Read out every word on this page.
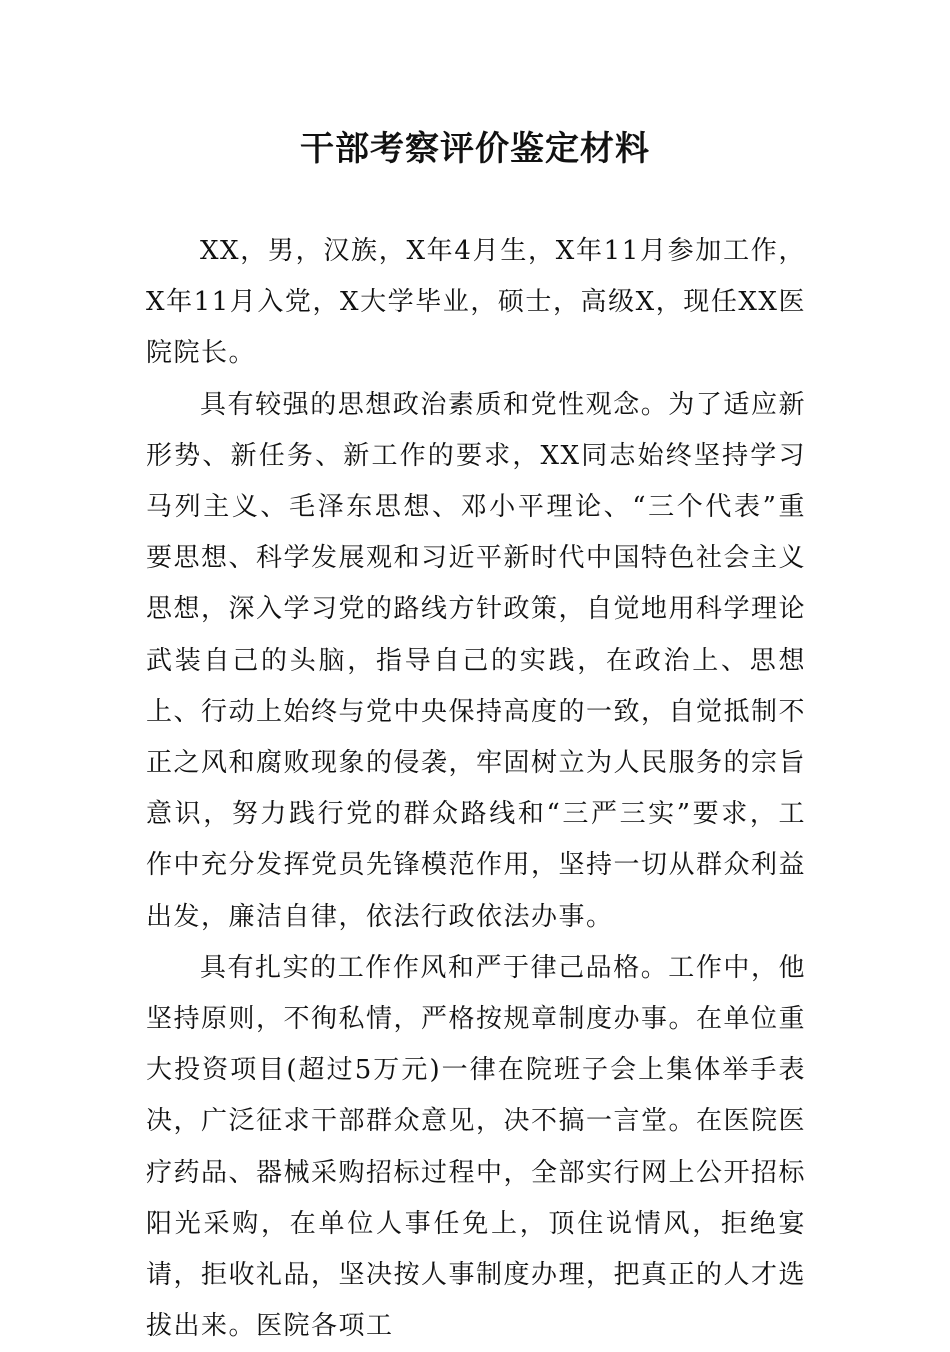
干部考察评价鉴定材料

XX，男，汉族，X年4月生，X年11月参加工作，X年11月入党，X大学毕业，硕士，高级X，现任XX医院院长。

具有较强的思想政治素质和党性观念。为了适应新形势、新任务、新工作的要求，XX同志始终坚持学习马列主义、毛泽东思想、邓小平理论、“三个代表”重要思想、科学发展观和习近平新时代中国特色社会主义思想，深入学习党的路线方针政策，自觉地用科学理论武装自己的头脑，指导自己的实践，在政治上、思想上、行动上始终与党中央保持高度的一致，自觉抵制不正之风和腐败现象的侵袭，牢固树立为人民服务的宗旨意识，努力践行党的群众路线和“三严三实”要求，工作中充分发挥党员先锋模范作用，坚持一切从群众利益出发，廉洁自律，依法行政依法办事。

具有扎实的工作作风和严于律己品格。工作中，他坚持原则，不徇私情，严格按规章制度办事。在单位重大投资项目(超过5万元)一律在院班子会上集体举手表决，广泛征求干部群众意见，决不搞一言堂。在医院医疗药品、器械采购招标过程中，全部实行网上公开招标阳光采购，在单位人事任免上，顶住说情风，拒绝宴请，拒收礼品，坚决按人事制度办理，把真正的人才选拔出来。医院各项工
